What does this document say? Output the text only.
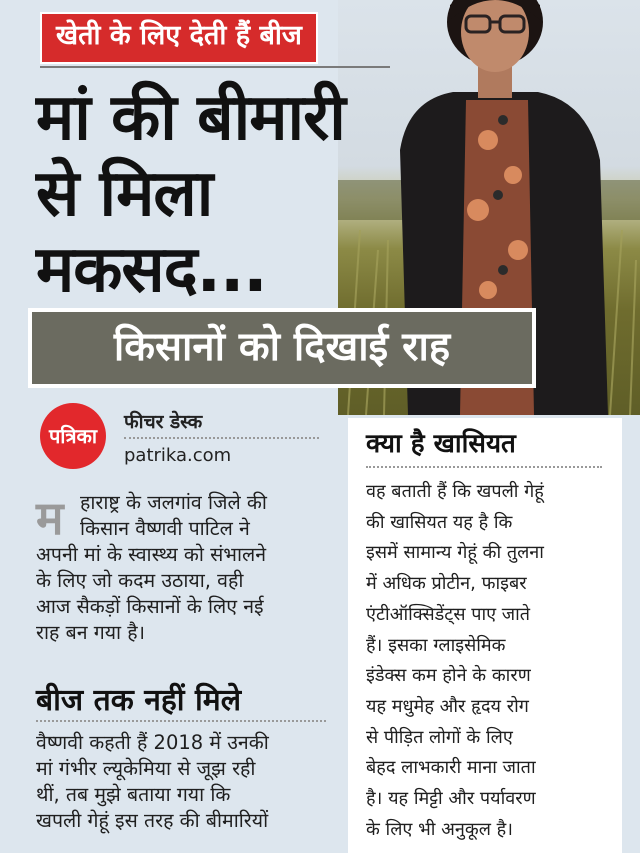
खेती के लिए देती हैं बीज
मां की बीमारी
से मिला
मकसद...
किसानों को दिखाई राह
पत्रिका
फीचर डेस्क
patrika.com
म हाराष्ट्र के जलगांव जिले की
किसान वैष्णवी पाटिल ने
अपनी मां के स्वास्थ्य को संभालने
के लिए जो कदम उठाया, वही
आज सैकड़ों किसानों के लिए नई
राह बन गया है।
बीज तक नहीं मिले
वैष्णवी कहती हैं 2018 में उनकी
मां गंभीर ल्यूकेमिया से जूझ रही
थीं, तब मुझे बताया गया कि
खपली गेहूं इस तरह की बीमारियों
क्या है खासियत
वह बताती हैं कि खपली गेहूं
की खासियत यह है कि
इसमें सामान्य गेहूं की तुलना
में अधिक प्रोटीन, फाइबर
एंटीऑक्सिडेंट्स पाए जाते
हैं। इसका ग्लाइसेमिक
इंडेक्स कम होने के कारण
यह मधुमेह और हृदय रोग
से पीड़ित लोगों के लिए
बेहद लाभकारी माना जाता
है। यह मिट्टी और पर्यावरण
के लिए भी अनुकूल है।
